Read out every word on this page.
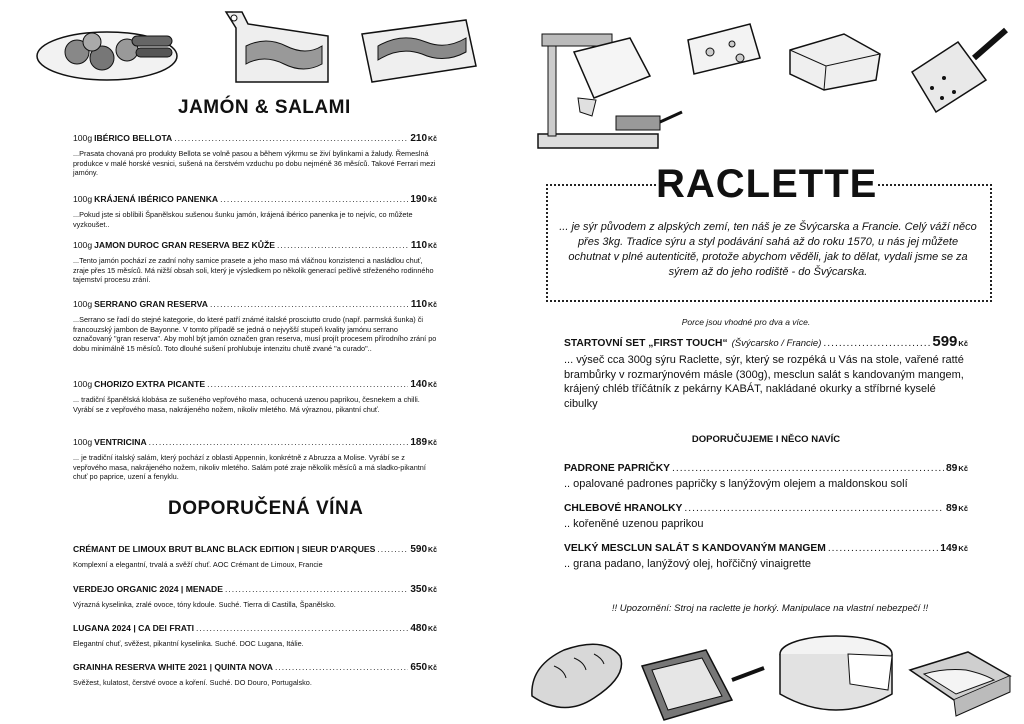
JAMÓN & SALAMI
100g IBÉRICO BELLOTA .....	210Kč
...Prasata chovaná pro produkty Bellota se volně pasou a během výkrmu se živí bylinkami a žaludy. Řemeslná produkce v malé horské vesnici, sušená na čerstvém vzduchu po dobu nejméně 36 měsíců. Takové Ferrari mezi jamóny.
100g KRÁJENÁ IBÉRICO PANENKA .....	190Kč
...Pokud jste si oblíbili Španělskou sušenou šunku jamón, krájená ibérico panenka je to nejvíc, co můžete vyzkoušet..
100g JAMON DUROC GRAN RESERVA BEZ KŮŽE .....	110Kč
...Tento jamón pochází ze zadní nohy samice prasete a jeho maso má vláčnou konzistenci a nasládlou chuť, zraje přes 15 měsíců. Má nižší obsah soli, který je výsledkem po několik generací pečlivě střeženého rodinného tajemství procesu zrání.
100g SERRANO GRAN RESERVA .....	110Kč
...Serrano se řadí do stejné kategorie, do které patří známé italské prosciutto crudo (např. parmská šunka) či francouzský jambon de Bayonne. V tomto případě se jedná o nejvyšší stupeň kvality jamónu serrano označovaný "gran reserva". Aby mohl být jamón označen gran reserva, musí projít procesem přírodního zrání po dobu minimálně 15 měsíců. Toto dlouhé sušení prohlubuje intenzitu chutě zvané "a curado"..
100g CHORIZO EXTRA PICANTE .....	140Kč
... tradiční španělská klobása ze sušeného vepřového masa, ochucená uzenou paprikou, česnekem a chilli. Vyrábí se z vepřového masa, nakrájeného nožem, nikoliv mletého. Má výraznou, pikantní chuť.
100g VENTRICINA .....	189Kč
... je tradiční italský salám, který pochází z oblasti Appennin, konkrétně z Abruzza a Molise. Vyrábí se z vepřového masa, nakrájeného nožem, nikoliv mletého. Salám poté zraje několik měsíců a má sladko-pikantní chuť po paprice, uzení a fenyklu.
DOPORUČENÁ VÍNA
CRÉMANT DE LIMOUX BRUT BLANC BLACK EDITION | SIEUR D'ARQUES .....	590Kč
Komplexní a elegantní, trvalá a svěží chuť. AOC Crémant de Limoux, Francie
VERDEJO ORGANIC 2024 | MENADE .....	350Kč
Výrazná kyselinka, zralé ovoce, tóny kdoule. Suché. Tierra di Castilla, Španělsko.
LUGANA 2024 | CA DEI FRATI .....	480Kč
Elegantní chuť, svěžest, pikantní kyselinka. Suché. DOC Lugana, Itálie.
GRAINHA RESERVA WHITE 2021 | QUINTA NOVA .....	650Kč
Svěžest, kulatost, čerstvé ovoce a koření. Suché. DO Douro, Portugalsko.
RACLETTE
... je sýr původem z alpských zemí, ten náš je ze Švýcarska a Francie. Celý váží něco přes 3kg. Tradice sýru a styl podávání sahá až do roku 1570, u nás jej můžete ochutnat v plné autenticitě, protože abychom věděli, jak to dělat, vydali jsme se za sýrem až do jeho rodiště - do Švýcarska.
Porce jsou vhodné pro dva a více.
STARTOVNÍ SET „FIRST TOUCH“ (Švýcarsko / Francie) .....	599Kč
... výseč cca 300g sýru Raclette, sýr, který se rozpéká u Vás na stole, vařené ratté brambůrky v rozmarýnovém másle (300g), mesclun salát s kandovaným mangem, krájený chléb tříčátník z pekárny KABÁT, nakládané okurky a stříbrné kyselé cibulky
DOPORUČUJEME I NĚCO NAVÍC
PADRONE PAPRIČKY .....	89Kč
.. opalované padrones papričky s lanýžovým olejem a maldonskou solí
CHLEBOVÉ HRANOLKY .....	89Kč
.. kořeněné uzenou paprikou
VELKÝ MESCLUN SALÁT S KANDOVANÝM MANGEM .....	149Kč
.. grana padano, lanýžový olej, hořčičný vinaigrette
!! Upozornění: Stroj na raclette je horký. Manipulace na vlastní nebezpečí !!
